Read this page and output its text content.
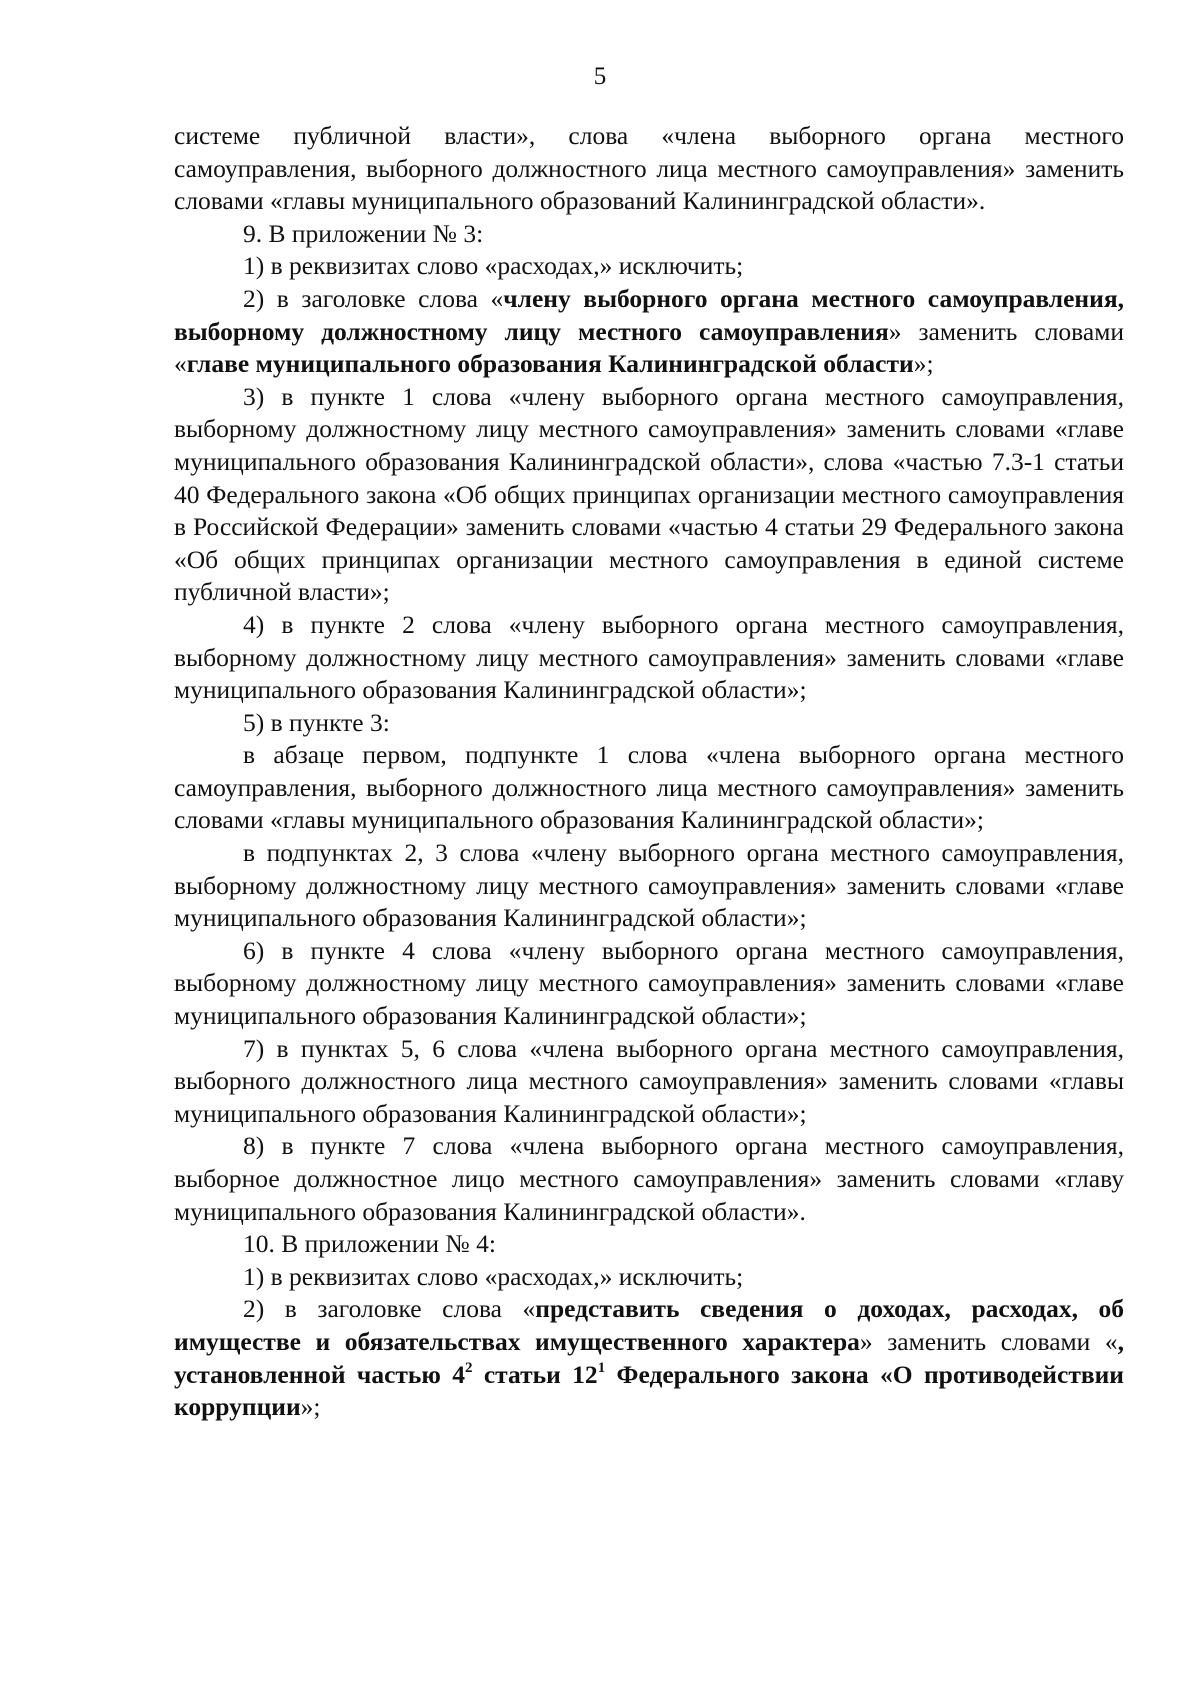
5

системе публичной власти», слова «члена выборного органа местного самоуправления, выборного должностного лица местного самоуправления» заменить словами «главы муниципального образований Калининградской области».

9. В приложении № 3:

1) в реквизитах слово «расходах,» исключить;

2) в заголовке слова «члену выборного органа местного самоуправления, выборному должностному лицу местного самоуправления» заменить словами «главе муниципального образования Калининградской области»;

3) в пункте 1 слова «члену выборного органа местного самоуправления, выборному должностному лицу местного самоуправления» заменить словами «главе муниципального образования Калининградской области», слова «частью 7.3-1 статьи 40 Федерального закона «Об общих принципах организации местного самоуправления в Российской Федерации» заменить словами «частью 4 статьи 29 Федерального закона «Об общих принципах организации местного самоуправления в единой системе публичной власти»;

4) в пункте 2 слова «члену выборного органа местного самоуправления, выборному должностному лицу местного самоуправления» заменить словами «главе муниципального образования Калининградской области»;

5) в пункте 3:

в абзаце первом, подпункте 1 слова «члена выборного органа местного самоуправления, выборного должностного лица местного самоуправления» заменить словами «главы муниципального образования Калининградской области»;

в подпунктах 2, 3 слова «члену выборного органа местного самоуправления, выборному должностному лицу местного самоуправления» заменить словами «главе муниципального образования Калининградской области»;

6) в пункте 4 слова «члену выборного органа местного самоуправления, выборному должностному лицу местного самоуправления» заменить словами «главе муниципального образования Калининградской области»;

7) в пунктах 5, 6 слова «члена выборного органа местного самоуправления, выборного должностного лица местного самоуправления» заменить словами «главы муниципального образования Калининградской области»;

8) в пункте 7 слова «члена выборного органа местного самоуправления, выборное должностное лицо местного самоуправления» заменить словами «главу муниципального образования Калининградской области».

10. В приложении № 4:

1) в реквизитах слово «расходах,» исключить;

2) в заголовке слова «представить сведения о доходах, расходах, об имуществе и обязательствах имущественного характера» заменить словами «, установленной частью $4^2$ статьи $12^1$ Федерального закона «О противодействии коррупции»;
